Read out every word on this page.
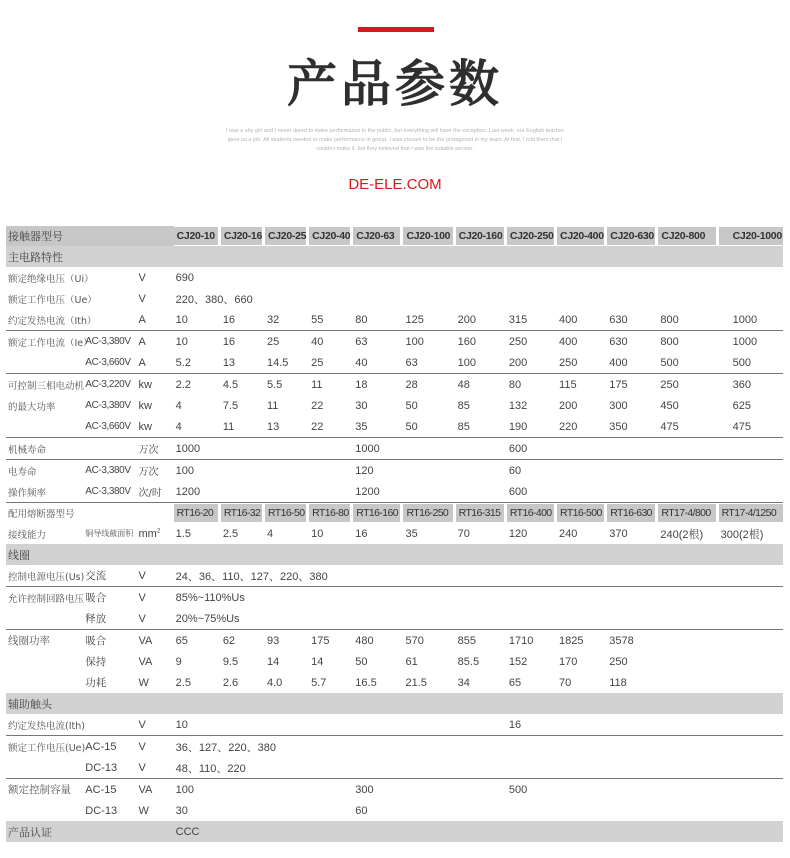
产品参数
I was a shy girl and I never dared to make performance in the public, but everything will have the exception. Last week, our English teacher gave us a job. All students needed to make performance in group. I was chosen to be the protagonist in my team. At first, I told them that I couldn't make it, but they believed that I was the suitable person.
DE-ELE.COM
接触器型号			CJ20-10	CJ20-16	CJ20-25	CJ20-40	CJ20-63	CJ20-100	CJ20-160	CJ20-250	CJ20-400	CJ20-630	CJ20-800	CJ20-1000

主电路特性														
额定绝缘电压（Ui）		V	690											
额定工作电压（Ue）		V	220、380、660											
约定发热电流（Ith）		A	10	16	32	55	80	125	200	315	400	630	800	1000
额定工作电流（Ie）	AC-3,380V	A	10	16	25	40	63	100	160	250	400	630	800	1000
	AC-3,660V	A	5.2	13	14.5	25	40	63	100	200	250	400	500	500
可控制三相电动机	AC-3,220V	kw	2.2	4.5	5.5	11	18	28	48	80	115	175	250	360
的最大功率	AC-3,380V	kw	4	7.5	11	22	30	50	85	132	200	300	450	625
	AC-3,660V	kw	4	11	13	22	35	50	85	190	220	350	475	475
机械寿命		万次	1000				1000			600				
电寿命	AC-3,380V	万次	100				120			60				
操作频率	AC-3,380V	次/时	1200				1200			600				
配用熔断器型号			RT16-20	RT16-32	RT16-50	RT16-80	RT16-160	RT16-250	RT16-315	RT16-400	RT16-500	RT16-630	RT17-4/800	RT17-4/1250

接线能力	铜导线截面积	$mm^2$	1.5	2.5	4	10	16	35	70	120	240	370	240(2根)	300(2根)
线圈														
控制电源电压(Us)	交流	V	24、36、110、127、220、380											
允许控制回路电压	吸合	V	85%~110%Us											
	释放	V	20%~75%Us											
线圈功率	吸合	VA	65	62	93	175	480	570	855	1710	1825	3578		
	保持	VA	9	9.5	14	14	50	61	85.5	152	170	250		
	功耗	W	2.5	2.6	4.0	5.7	16.5	21.5	34	65	70	118		
辅助触头														
约定发热电流(Ith)		V	10							16				
额定工作电压(Ue)	AC-15	V	36、127、220、380											
	DC-13	V	48、110、220											
额定控制容量	AC-15	VA	100				300			500				
	DC-13	W	30				60							
产品认证			CCC											
